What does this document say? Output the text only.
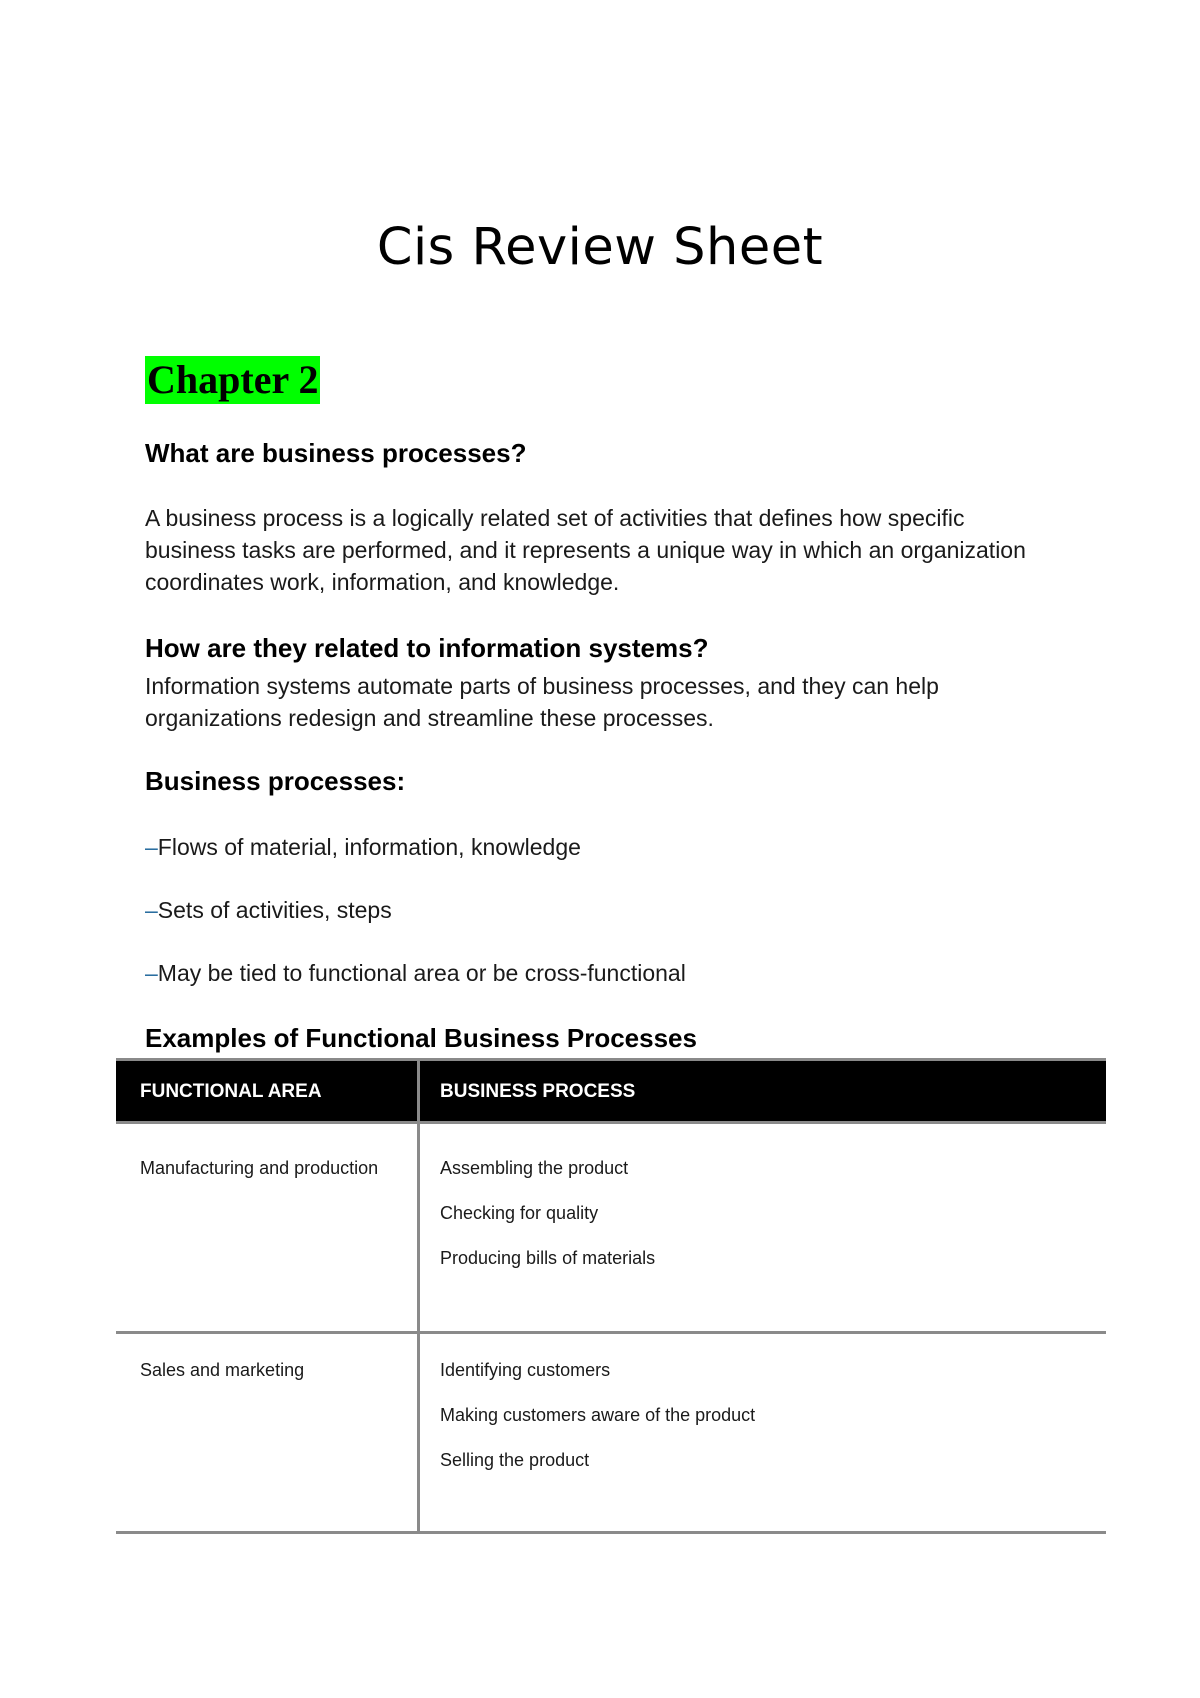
Cis Review Sheet
Chapter 2
What are business processes?
A business process is a logically related set of activities that defines how specific business tasks are performed, and it represents a unique way in which an organization coordinates work, information, and knowledge.
How are they related to information systems?
Information systems automate parts of business processes, and they can help organizations redesign and streamline these processes.
Business processes:
–Flows of material, information, knowledge
–Sets of activities, steps
–May be tied to functional area or be cross-functional
Examples of Functional Business Processes
FUNCTIONAL AREA	BUSINESS PROCESS
Manufacturing and production	Assembling the product
Checking for quality
Producing bills of materials
Sales and marketing	Identifying customers
Making customers aware of the product
Selling the product
